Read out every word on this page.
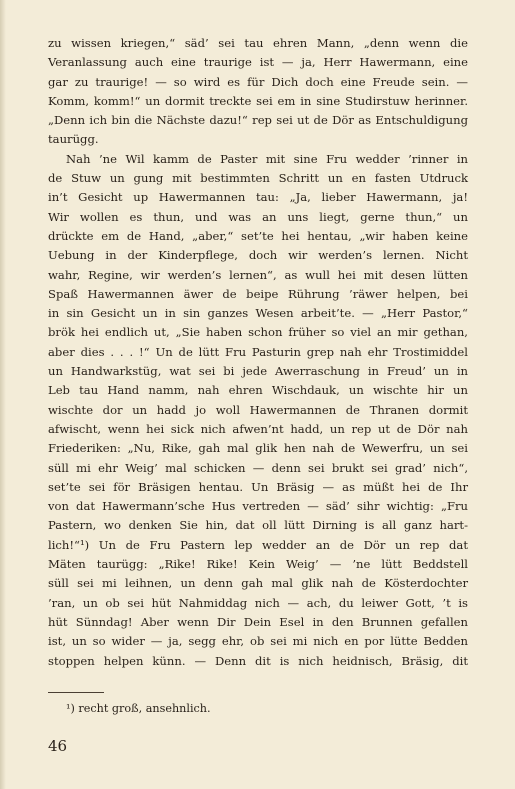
zu wissen kriegen,“ säd’ sei tau ehren Mann, „denn wenn die
Veranlassung auch eine traurige ist — ja, Herr Hawermann, eine
gar zu traurige! — so wird es für Dich doch eine Freude sein. —
Komm, komm!“ un dormit treckte sei em in sine Studirstuw herinner.
„Denn ich bin die Nächste dazu!“ rep sei ut de Dör as Entschuldigung
taurügg.
Nah ’ne Wil kamm de Paster mit sine Fru wedder ’rinner in
de Stuw un gung mit bestimmten Schritt un en fasten Utdruck
in’t Gesicht up Hawermannen tau: „Ja, lieber Hawermann, ja!
Wir wollen es thun, und was an uns liegt, gerne thun,“ un
drückte em de Hand, „aber,“ set’te hei hentau, „wir haben keine
Uebung in der Kinderpflege, doch wir werden’s lernen. Nicht
wahr, Regine, wir werden’s lernen“, as wull hei mit desen lütten
Spaß Hawermannen äwer de beipe Rührung ’räwer helpen, bei
in sin Gesicht un in sin ganzes Wesen arbeit’te. — „Herr Pastor,“
brök hei endlich ut, „Sie haben schon früher so viel an mir gethan,
aber dies . . . !“ Un de lütt Fru Pasturin grep nah ehr Trostimiddel
un Handwarkstüg, wat sei bi jede Awerraschung in Freud’ un in
Leb tau Hand namm, nah ehren Wischdauk, un wischte hir un
wischte dor un hadd jo woll Hawermannen de Thranen dormit
afwischt, wenn hei sick nich afwen’nt hadd, un rep ut de Dör nah
Friederiken: „Nu, Rike, gah mal glik hen nah de Wewerfru, un sei
süll mi ehr Weig’ mal schicken — denn sei brukt sei grad’ nich“,
set’te sei för Bräsigen hentau. Un Bräsig — as müßt hei de Ihr
von dat Hawermann’sche Hus vertreden — säd’ sihr wichtig: „Fru
Pastern, wo denken Sie hin, dat oll lütt Dirning is all ganz hart-
lich!“¹) Un de Fru Pastern lep wedder an de Dör un rep dat
Mäten taurügg: „Rike! Rike! Kein Weig’ — ’ne lütt Beddstell
süll sei mi leihnen, un denn gah mal glik nah de Kösterdochter
’ran, un ob sei hüt Nahmiddag nich — ach, du leiwer Gott, ’t is
hüt Sünndag! Aber wenn Dir Dein Esel in den Brunnen gefallen
ist, un so wider — ja, segg ehr, ob sei mi nich en por lütte Bedden
stoppen helpen künn. — Denn dit is nich heidnisch, Bräsig, dit
¹) recht groß, ansehnlich.
46
